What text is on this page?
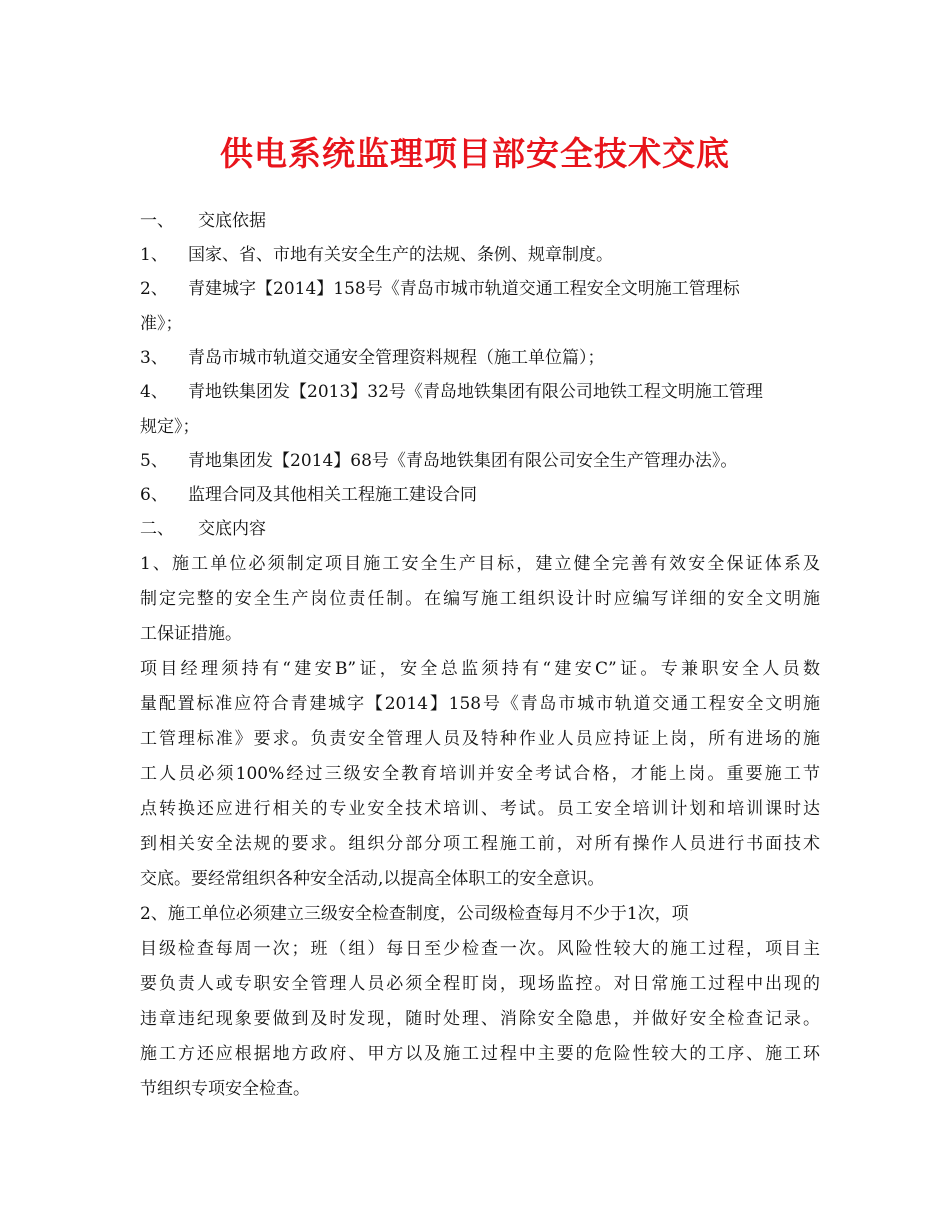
供电系统监理项目部安全技术交底
一、 交底依据
1、 国家、省、市地有关安全生产的法规、条例、规章制度。
2、 青建城字【2014】158号《青岛市城市轨道交通工程安全文明施工管理标
准》；
3、 青岛市城市轨道交通安全管理资料规程（施工单位篇）；
4、 青地铁集团发【2013】32号《青岛地铁集团有限公司地铁工程文明施工管理
规定》；
5、 青地集团发【2014】68号《青岛地铁集团有限公司安全生产管理办法》。
6、 监理合同及其他相关工程施工建设合同
二、 交底内容
1、施工单位必须制定项目施工安全生产目标，建立健全完善有效安全保证体系及
制定完整的安全生产岗位责任制。在编写施工组织设计时应编写详细的安全文明施
工保证措施。
项目经理须持有“建安B”证，安全总监须持有“建安C”证。专兼职安全人员数
量配置标准应符合青建城字【2014】158号《青岛市城市轨道交通工程安全文明施
工管理标准》要求。负责安全管理人员及特种作业人员应持证上岗，所有进场的施
工人员必须100%经过三级安全教育培训并安全考试合格，才能上岗。重要施工节
点转换还应进行相关的专业安全技术培训、考试。员工安全培训计划和培训课时达
到相关安全法规的要求。组织分部分项工程施工前，对所有操作人员进行书面技术
交底。要经常组织各种安全活动,以提高全体职工的安全意识。
2、施工单位必须建立三级安全检查制度，公司级检查每月不少于1次，项
目级检查每周一次；班（组）每日至少检查一次。风险性较大的施工过程，项目主
要负责人或专职安全管理人员必须全程盯岗，现场监控。对日常施工过程中出现的
违章违纪现象要做到及时发现，随时处理、消除安全隐患，并做好安全检查记录。
施工方还应根据地方政府、甲方以及施工过程中主要的危险性较大的工序、施工环
节组织专项安全检查。
